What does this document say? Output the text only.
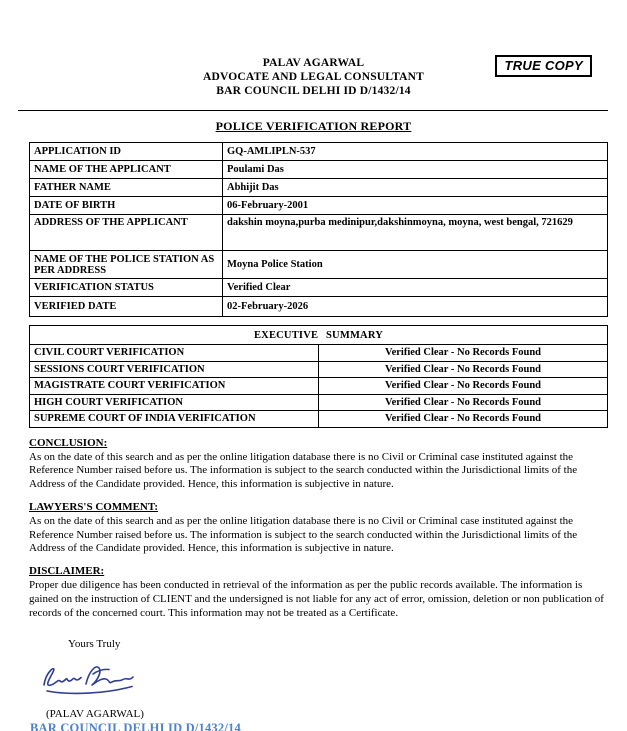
TRUE COPY
PALAV AGARWAL
ADVOCATE AND LEGAL CONSULTANT
BAR COUNCIL DELHI ID D/1432/14
POLICE VERIFICATION REPORT
APPLICATION ID	GQ-AMLIPLN-537
NAME OF THE APPLICANT	Poulami Das
FATHER NAME	Abhijit Das
DATE OF BIRTH	06-February-2001
ADDRESS OF THE APPLICANT	dakshin moyna,purba medinipur,dakshinmoyna, moyna, west bengal, 721629
NAME OF THE POLICE STATION AS PER ADDRESS	Moyna Police Station
VERIFICATION STATUS	Verified Clear
VERIFIED DATE	02-February-2026
EXECUTIVE SUMMARY	
CIVIL COURT VERIFICATION	Verified Clear - No Records Found
SESSIONS COURT VERIFICATION	Verified Clear - No Records Found
MAGISTRATE COURT VERIFICATION	Verified Clear - No Records Found
HIGH COURT VERIFICATION	Verified Clear - No Records Found
SUPREME COURT OF INDIA VERIFICATION	Verified Clear - No Records Found
CONCLUSION:
As on the date of this search and as per the online litigation database there is no Civil or Criminal case instituted against the Reference Number raised before us. The information is subject to the search conducted within the Jurisdictional limits of the Address of the Candidate provided. Hence, this information is subjective in nature.
LAWYERS'S COMMENT:
As on the date of this search and as per the online litigation database there is no Civil or Criminal case instituted against the Reference Number raised before us. The information is subject to the search conducted within the Jurisdictional limits of the Address of the Candidate provided. Hence, this information is subjective in nature.
DISCLAIMER:
Proper due diligence has been conducted in retrieval of the information as per the public records available. The information is gained on the instruction of CLIENT and the undersigned is not liable for any act of error, omission, deletion or non publication of records of the concerned court. This information may not be treated as a Certificate.
Yours Truly
(PALAV AGARWAL)
BAR COUNCIL DELHI ID D/1432/14
